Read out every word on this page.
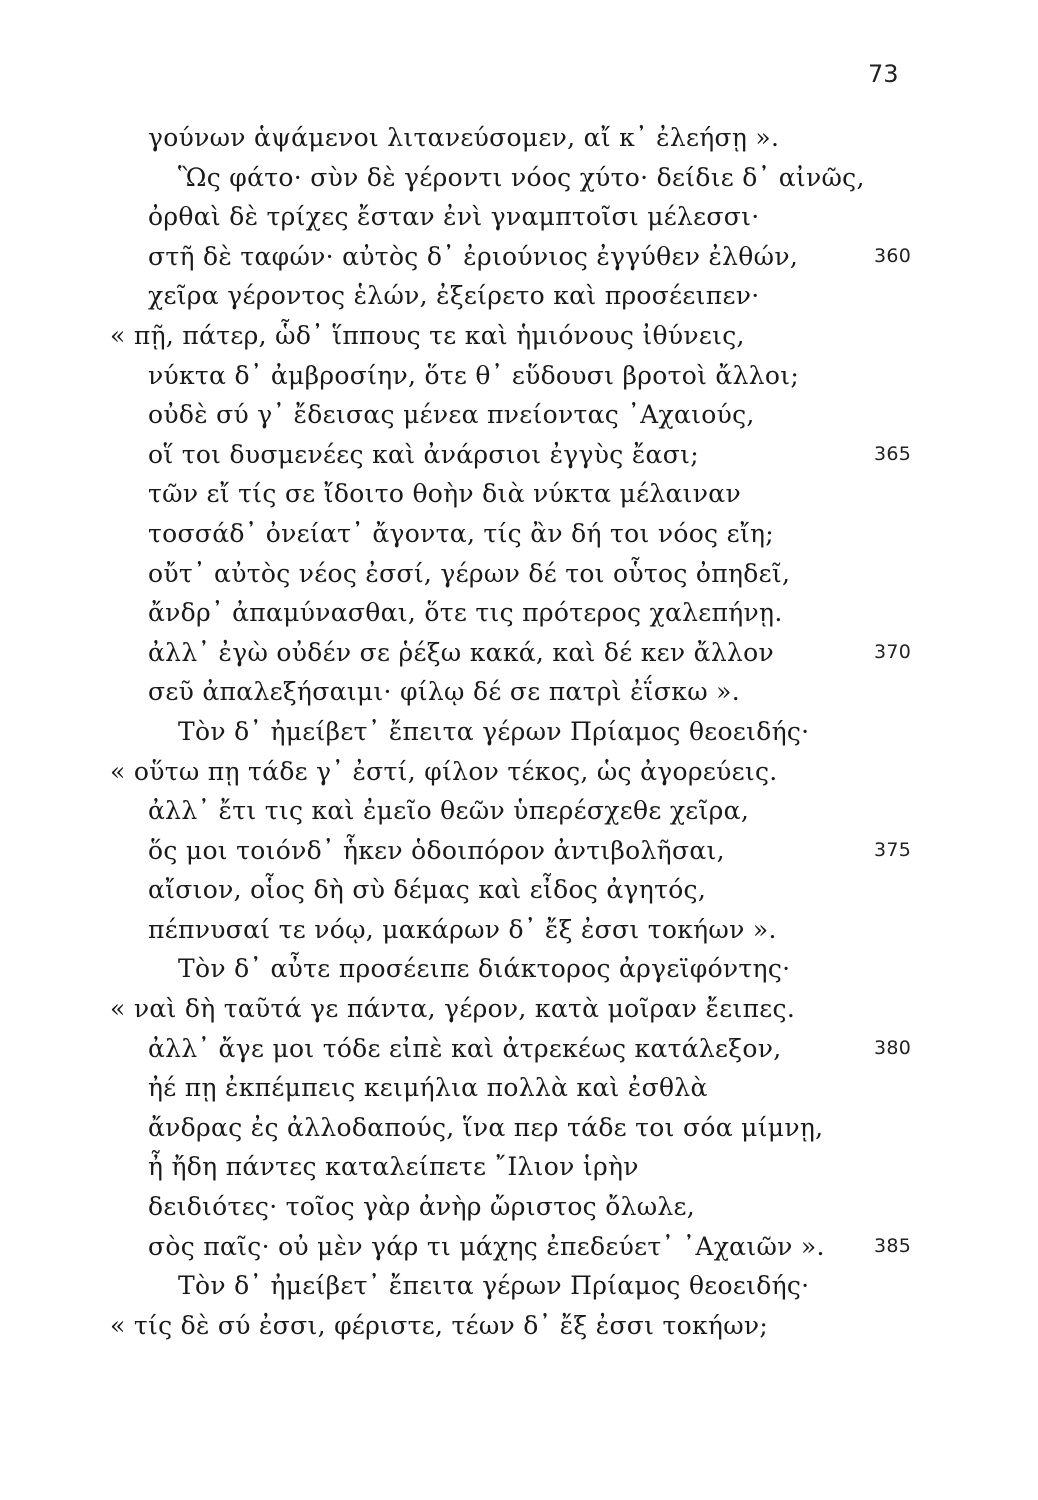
73
γούνων ἁψάμενοι λιτανεύσομεν, αἴ κ᾽ ἐλεήσῃ ».
Ὣς φάτο· σὺν δὲ γέροντι νόος χύτο· δείδιε δ᾽ αἰνῶς,
ὀρθαὶ δὲ τρίχες ἔσταν ἐνὶ γναμπτοῖσι μέλεσσι·
στῆ δὲ ταφών· αὐτὸς δ᾽ ἐριούνιος ἐγγύθεν ἐλθών,	360
χεῖρα γέροντος ἑλών, ἐξείρετο καὶ προσέειπεν·
« πῇ, πάτερ, ὧδ᾽ ἵππους τε καὶ ἡμιόνους ἰθύνεις,
νύκτα δ᾽ ἀμβροσίην, ὅτε θ᾽ εὕδουσι βροτοὶ ἄλλοι;
οὐδὲ σύ γ᾽ ἔδεισας μένεα πνείοντας ᾽Αχαιούς,
οἵ τοι δυσμενέες καὶ ἀνάρσιοι ἐγγὺς ἔασι;	365
τῶν εἴ τίς σε ἴδοιτο θοὴν διὰ νύκτα μέλαιναν
τοσσάδ᾽ ὀνείατ᾽ ἄγοντα, τίς ἂν δή τοι νόος εἴη;
οὔτ᾽ αὐτὸς νέος ἐσσί, γέρων δέ τοι οὗτος ὀπηδεῖ,
ἄνδρ᾽ ἀπαμύνασθαι, ὅτε τις πρότερος χαλεπήνῃ.
ἀλλ᾽ ἐγὼ οὐδέν σε ῥέξω κακά, καὶ δέ κεν ἄλλον	370
σεῦ ἀπαλεξήσαιμι· φίλῳ δέ σε πατρὶ ἐΐσκω ».
Τὸν δ᾽ ἠμείβετ᾽ ἔπειτα γέρων Πρίαμος θεοειδής·
« οὕτω πῃ τάδε γ᾽ ἐστί, φίλον τέκος, ὡς ἀγορεύεις.
ἀλλ᾽ ἔτι τις καὶ ἐμεῖο θεῶν ὑπερέσχεθε χεῖρα,
ὅς μοι τοιόνδ᾽ ἧκεν ὁδοιπόρον ἀντιβολῆσαι,	375
αἴσιον, οἷος δὴ σὺ δέμας καὶ εἶδος ἀγητός,
πέπνυσαί τε νόῳ, μακάρων δ᾽ ἔξ ἐσσι τοκήων ».
Τὸν δ᾽ αὖτε προσέειπε διάκτορος ἀργεϊφόντης·
« ναὶ δὴ ταῦτά γε πάντα, γέρον, κατὰ μοῖραν ἔειπες.
ἀλλ᾽ ἄγε μοι τόδε εἰπὲ καὶ ἀτρεκέως κατάλεξον,	380
ἠέ πῃ ἐκπέμπεις κειμήλια πολλὰ καὶ ἐσθλὰ
ἄνδρας ἐς ἀλλοδαπούς, ἵνα περ τάδε τοι σόα μίμνῃ,
ἦ ἤδη πάντες καταλείπετε ῎Ιλιον ἱρὴν
δειδιότες· τοῖος γὰρ ἀνὴρ ὤριστος ὄλωλε,
σὸς παῖς· οὐ μὲν γάρ τι μάχης ἐπεδεύετ᾽ ᾽Αχαιῶν ».	385
Τὸν δ᾽ ἠμείβετ᾽ ἔπειτα γέρων Πρίαμος θεοειδής·
« τίς δὲ σύ ἐσσι, φέριστε, τέων δ᾽ ἔξ ἐσσι τοκήων;
